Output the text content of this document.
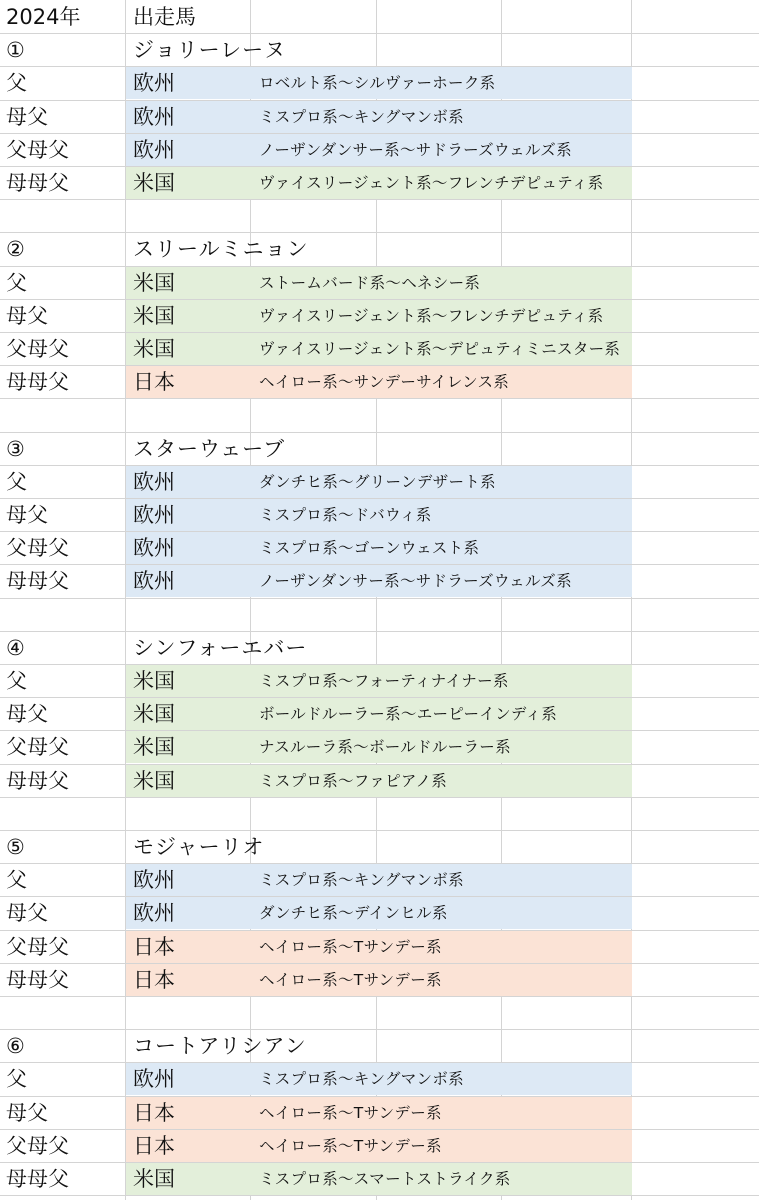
2024年	出走馬
①	ジョリーレーヌ
父	欧州	ロベルト系～シルヴァーホーク系
母父	欧州	ミスプロ系～キングマンボ系
父母父	欧州	ノーザンダンサー系～サドラーズウェルズ系
母母父	米国	ヴァイスリージェント系～フレンチデピュティ系
②	スリールミニョン
父	米国	ストームバード系～ヘネシー系
母父	米国	ヴァイスリージェント系～フレンチデピュティ系
父母父	米国	ヴァイスリージェント系～デピュティミニスター系
母母父	日本	ヘイロー系～サンデーサイレンス系
③	スターウェーブ
父	欧州	ダンチヒ系～グリーンデザート系
母父	欧州	ミスプロ系～ドバウィ系
父母父	欧州	ミスプロ系～ゴーンウェスト系
母母父	欧州	ノーザンダンサー系～サドラーズウェルズ系
④	シンフォーエバー
父	米国	ミスプロ系～フォーティナイナー系
母父	米国	ボールドルーラー系～エーピーインディ系
父母父	米国	ナスルーラ系～ボールドルーラー系
母母父	米国	ミスプロ系～ファピアノ系
⑤	モジャーリオ
父	欧州	ミスプロ系～キングマンボ系
母父	欧州	ダンチヒ系～デインヒル系
父母父	日本	ヘイロー系～Tサンデー系
母母父	日本	ヘイロー系～Tサンデー系
⑥	コートアリシアン
父	欧州	ミスプロ系～キングマンボ系
母父	日本	ヘイロー系～Tサンデー系
父母父	日本	ヘイロー系～Tサンデー系
母母父	米国	ミスプロ系～スマートストライク系
